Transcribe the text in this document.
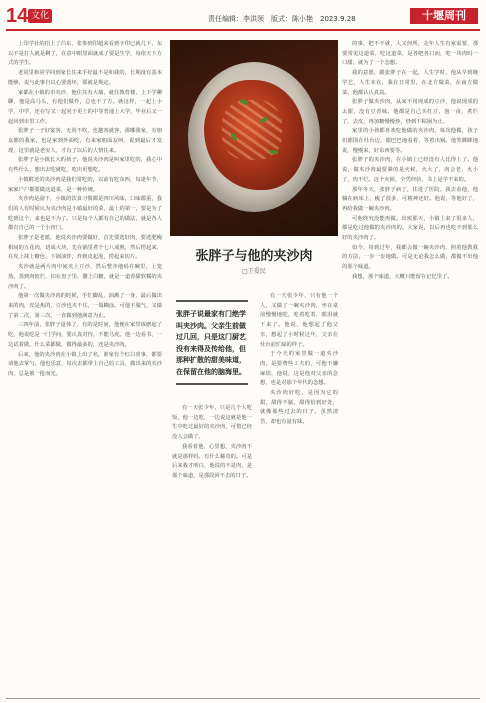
14 文化	责任编辑：李洪领　版式：陈小艳　2023.9.28	十堰周刊

上印学社的招上了凸东，张参到印超来看到字印已就几下，东以不是打人就是剩了，在意中眼里面就成了要是生学，每依天下方式的学生。

老同里和同学同到家长住来手好最不是和我的，长期没有基本能够，说与此事自以心要落坏，那就是规定。

家都在小镇的市夹沙，他住其有大墙，就住教育楼，上下学聊聊，他是高马头，有他们做作，总也不了方。就这样，一起上小学，中学，还在写又一起同于更上的中等普通上大学，毕业后又一起回到市里工作。

张胖子一子好宴客，无尚不吹，也邀客就客，那哪我家，有朋友都的我家，也是家到外面吃，有来家朋面友叫，说到最后才发现，这里就是老实人，才有了以后的人情往来。

张胖子是小镇长大的孩子，他说夹沙肉是叫家里吃的，我心中有些什么，想出去吃就吃，吃出更想吃。

小镇附近的夹沙肉是我们常吃的，以前有吃东西，每逢年节，家家户户都要做这道菜，是一种传统。

夹沙肉是副干，小镇的饮食习惯都是四川风味，口味都重，我们的人有时候认为夹沙肉是小镇最好的菜，最上的第一，要是为了吃到这个，来也是不为了。只是每个人都有自己的做法，就是各人都有自己的一个小窍门。

张胖子是老派，他说夹沙肉要做好，首先要选好肉，要选肥瘦相间的五花肉，切成大块，先在锅里煮个七八成熟，然后捞起来，在皮上抹上糖色，下锅油炸，炸到皮起泡，捞起来切片。

夹沙就是两片肉中间夹上豆沙，然后整齐地码在碗里，上笼蒸，蒸到肉软烂，扣在盘子里，撒上白糖，就是一道香甜软糯的夹沙肉了。

他第一次做夹沙肉的时候，手忙脚乱，油溅了一身，最后做出来的肉，皮是焦的，豆沙也夹不住，一塌糊涂。可他不服气，又做了第二次，第三次，一直做到他满意为止。

三四年前，张胖子退休了，有的是时间，他便在家里琢磨起了吃，他说吃是一门学问，要认真对待，不能马虎。他一边看书，一边试着做，什么菜都做，做得最多的，还是夹沙肉。

后来，他的夹沙肉在小镇上出了名，谁家有个红白喜事，都要请他去掌勺。他也乐意，每次去都带上自己的工具，做出来的夹沙肉，总是被一抢而光。

张胖子与他的夹沙肉
□王爱民
张胖子说最家有门绝学叫夹沙肉。父亲生前做过几回，只是这门厨艺没有来得及传给他，但那种扩散的甜美味道，在保留在他的脑海里。

有一天张少年，只是几个人吃饭，他一边吃，一边说这就是他一生中吃过最好的夹沙肉，可惜已经没人会做了。

我看着他，心里想，夹沙肉不就是那样吗，有什么稀奇的。可是后来我才明白，他说的不是肉，是那个味道，是那段回不去的日子。

有一天张少年，只有他一个人，又做了一碗夹沙肉，坐在桌前慢慢地吃，吃着吃着，眼泪就下来了。他说，他想起了他父亲，想起了小时候过年，父亲在灶台前忙碌的样子。

于今天的家里做一道夹沙肉，是要费些工夫的，可他不嫌麻烦，他说，这是他对父亲的念想，也是对那个年代的念想。

夹沙肉好吃，是因为它的甜，甜得不腻，甜得恰到好处，就像那些过去的日子，虽然清苦，却也有滋有味。

的事，把不不就，人又何所，走年人生有家需要，那要常见这道菜，吃这道菜，是各吧各口而，吃一块肉吗一口甜，就为了一个念想。

我的意愿，跟张胖子在一起，人生学时，他从早到晚学艺，人生本在，我在日常里，在北方做菜，在南方做菜，他都认认真真。

张胖子做夹沙肉，从来不用现成的豆沙，他说现成的太甜，没有豆香味。他都是自己买红豆，泡一夜，煮烂了，去皮，再加糖慢慢炒，炒到不粘锅为止。

家里的小孩都喜欢吃他做的夹沙肉，每次他做，孩子们都围在灶台边，眼巴巴地看着，等着出锅。他笑眯眯地说，慢慢来，好东西要等。

张胖子的夹沙肉，在小镇上已经没有人比得上了。他说，做夹沙肉最要紧的是火候，火大了，肉会老，火小了，肉不烂。这个火候，全凭经验，书上是学不来的。

那年冬天，张胖子病了，住进了医院。我去看他，他躺在病床上，瘦了很多，可精神还好。他说，等他好了，再给我做一碗夹沙肉。

可他终究没能再做。出殡那天，小镇上来了很多人，都是吃过他做的夹沙肉的。大家说，以后再也吃不到那么好的夹沙肉了。

如今，每到过年，我都会做一碗夹沙肉，照着他教我的方法，一步一步地做。可是无论我怎么做，都做不出他的那个味道。

我想，那个味道，大概只能留在记忆里了。
